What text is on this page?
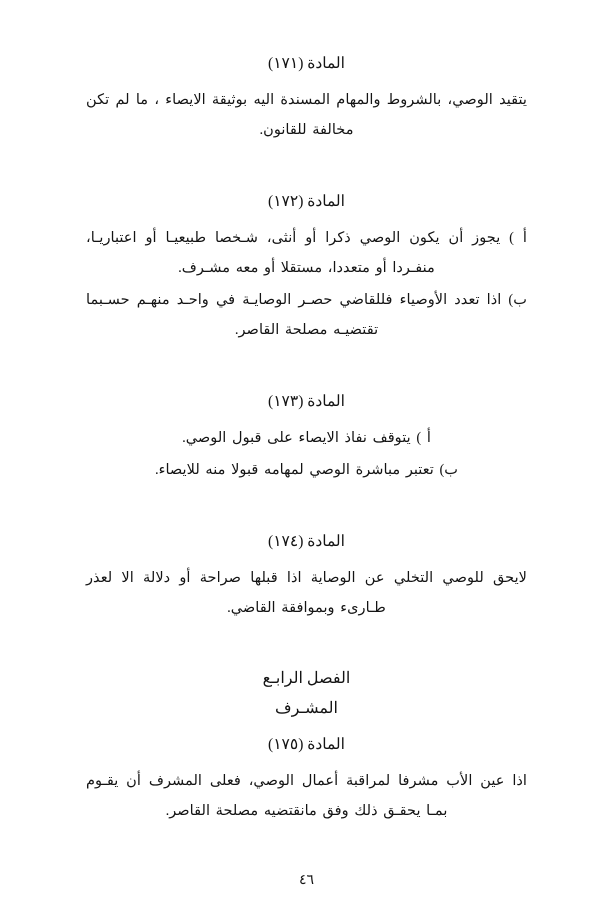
المادة (١٧١)

يتقيد الوصي، بالشروط والمهام المسندة اليه بوثيقة الايصاء ، ما لم تكن مخالفة للقانون.

المادة (١٧٢)

أ ) يجوز أن يكون الوصي ذكرا أو أنثى، شـخصا طبيعيـا أو اعتباريـا، منفـردا أو متعددا، مستقلا أو معه مشـرف.

ب) اذا تعدد الأوصياء فللقاضي حصـر الوصايـة في واحـد منهـم حسـبما تقتضيـه مصلحة القاصر.

المادة (١٧٣)

أ ) يتوقف نفاذ الايصاء على قبول الوصي.

ب) تعتبر مباشرة الوصي لمهامه قبولا منه للايصاء.

المادة (١٧٤)

لايحق للوصي التخلي عن الوصاية اذا قبلها صراحة أو دلالة الا لعذر طـارىء وبموافقة القاضي.

الفصل الرابـع
المشـرف
المادة (١٧٥)

اذا عين الأب مشرفا لمراقبة أعمال الوصي، فعلى المشرف أن يقـوم بمـا يحقـق ذلك وفق مانقتضيه مصلحة القاصر.

٤٦
